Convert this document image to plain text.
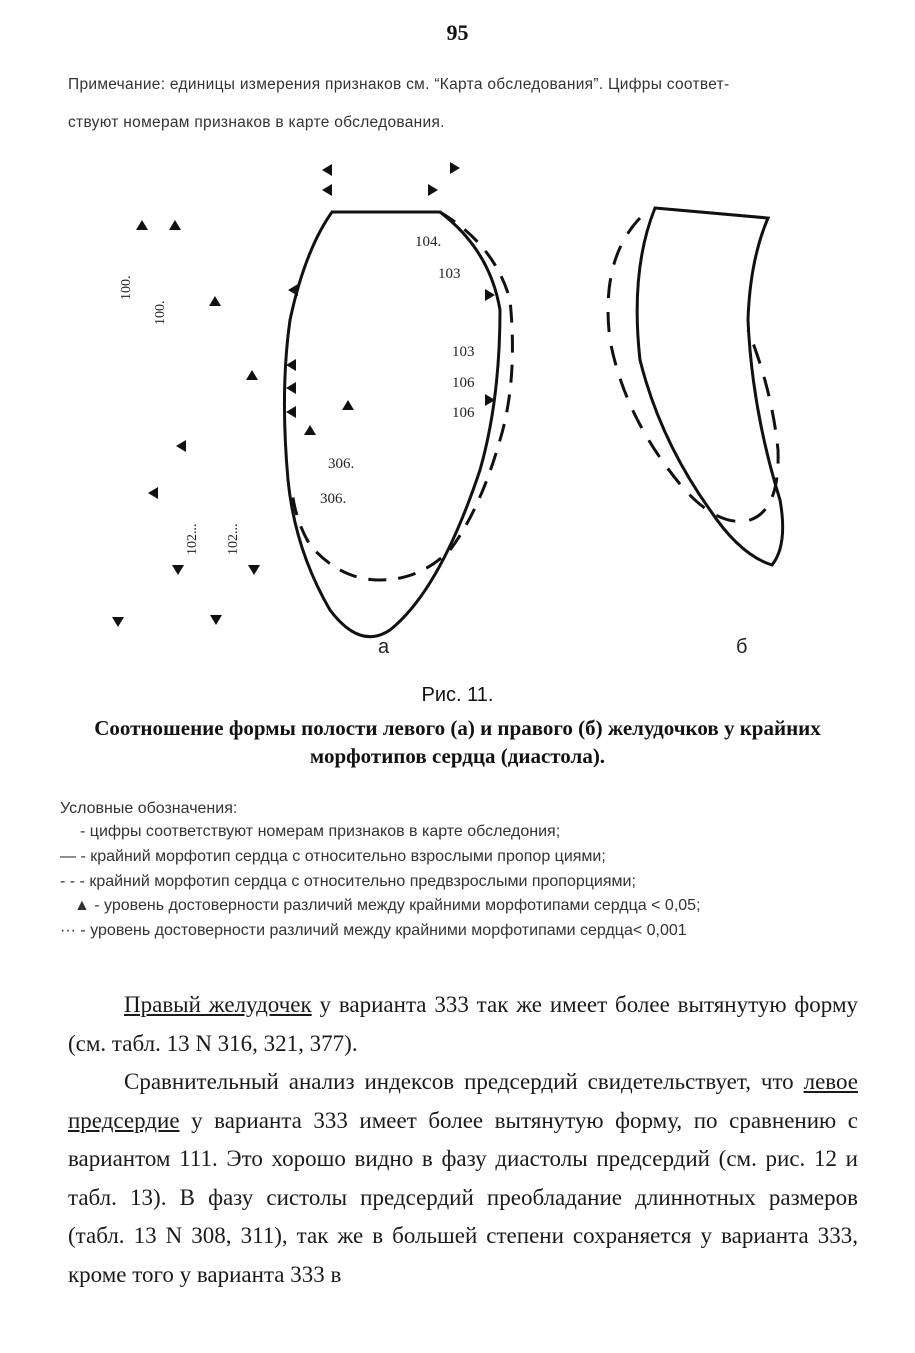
95
Примечание: единицы измерения признаков см. “Карта обследования”. Цифры соответ-
ствуют номерам признаков в карте обследования.
104.
103
103
106
106
306.
306.
100.
100.
102... 102...
а	б
Рис. 11.
Соотношение формы полости левого (а) и правого (б) желудочков у крайних морфотипов сердца (диастола).
Условные обозначения:
- цифры соответствуют номерам признаков в карте обследония;
— - крайний морфотип сердца с относительно взрослыми пропор циями;
- - - крайний морфотип сердца с относительно предвзрослыми пропорциями;
▲ - уровень достоверности различий между крайними морфотипами сердца < 0,05;
··· - уровень достоверности различий между крайними морфотипами сердца< 0,001

Правый желудочек у варианта 333 так же имеет более вытянутую форму (см. табл. 13 N 316, 321, 377).

Сравнительный анализ индексов предсердий свидетельствует, что левое предсердие у варианта 333 имеет более вытянутую форму, по сравнению с вариантом 111. Это хорошо видно в фазу диастолы предсердий (см. рис. 12 и табл. 13). В фазу систолы предсердий преобладание длиннотных размеров (табл. 13 N 308, 311), так же в большей степени сохраняется у варианта 333, кроме того у варианта 333 в
